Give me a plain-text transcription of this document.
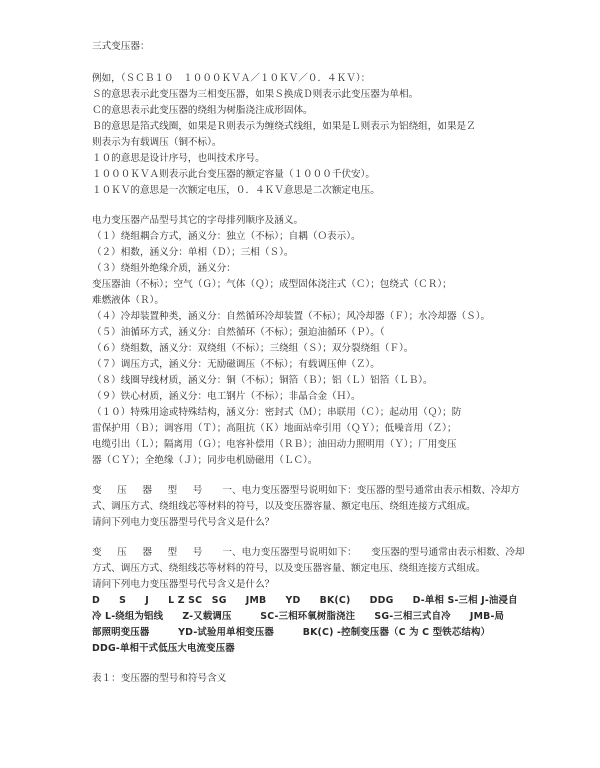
三式变压器：
例如，（ＳＣＢ１０　１０００ＫＶＡ／１０ＫＶ／０．４ＫＶ）：
Ｓ的意思表示此变压器为三相变压器，如果Ｓ换成Ｄ则表示此变压器为单相。
Ｃ的意思表示此变压器的绕组为树脂浇注成形固体。
Ｂ的意思是箔式线圈，如果是Ｒ则表示为缠绕式线组，如果是Ｌ则表示为铝绕组，如果是Ｚ
则表示为有载调压（铜不标）。
１０的意思是设计序号，也叫技术序号。
１０００ＫＶＡ则表示此台变压器的额定容量（１０００千伏安）。
１０ＫＶ的意思是一次额定电压，０．４ＫＶ意思是二次额定电压。
电力变压器产品型号其它的字母排列顺序及涵义。
（１）绕组耦合方式，涵义分：独立（不标）；自耦（Ｏ表示）。
（２）相数，涵义分：单相（Ｄ）；三相（Ｓ）。
（３）绕组外绝缘介质，涵义分：
变压器油（不标）；空气（Ｇ）；气体（Ｑ）；成型固体浇注式（Ｃ）；包绕式（ＣＲ）；
难燃液体（Ｒ）。
（４）冷却装置种类，涵义分：自然循环冷却装置（不标）；风冷却器（Ｆ）；水冷却器（Ｓ）。
（５）油循环方式，涵义分：自然循环（不标）；强迫油循环（Ｐ）。（
（６）绕组数，涵义分：双绕组（不标）；三绕组（Ｓ）；双分裂绕组（Ｆ）。
（７）调压方式，涵义分：无励磁调压（不标）；有载调压伸（Ｚ）。
（８）线圈导线材质，涵义分：铜（不标）；铜箔（Ｂ）；铝（Ｌ）铝箔（ＬＢ）。
（９）铁心材质，涵义分：电工钢片（不标）；非晶合金（Ｈ）。
（１０）特殊用途或特殊结构，涵义分：密封式（Ｍ）；串联用（Ｃ）；起动用（Ｑ）；防
雷保护用（Ｂ）；调容用（Ｔ）；高阻抗（Ｋ）地面站牵引用（ＱＹ）；低噪音用（Ｚ）；
电缆引出（Ｌ）；隔离用（Ｇ）；电容补偿用（ＲＢ）；油田动力照明用（Ｙ）；厂用变压
器（ＣＹ）；全绝缘（Ｊ）；同步电机励磁用（ＬＣ）。
变　压　器　型　号 一、电力变压器型号说明如下：变压器的型号通常由表示相数、冷却方
式、调压方式、绕组线芯等材料的符号，以及变压器容量、额定电压、绕组连接方式组成。
请问下列电力变压器型号代号含义是什么？
变　压　器　型　号 一、电力变压器型号说明如下：　　变压器的型号通常由表示相数、冷却
方式、调压方式、绕组线芯等材料的符号，以及变压器容量、额定电压、绕组连接方式组成。
请问下列电力变压器型号代号含义是什么？
D　　S　　J　　L Z SC　SG　　JMB　　YD　　BK(C)　　DDG　　D-单相 S-三相 J-油浸自
冷 L-绕组为铝线　　Z-又载调压　　　SC-三相环氧树脂浇注　　SG-三相三式自冷　　JMB-局
部照明变压器　　　YD-试验用单相变压器　　　BK(C) -控制变压器（C 为 C 型铁芯结构）
DDG-单相干式低压大电流变压器
表１：变压器的型号和符号含义
